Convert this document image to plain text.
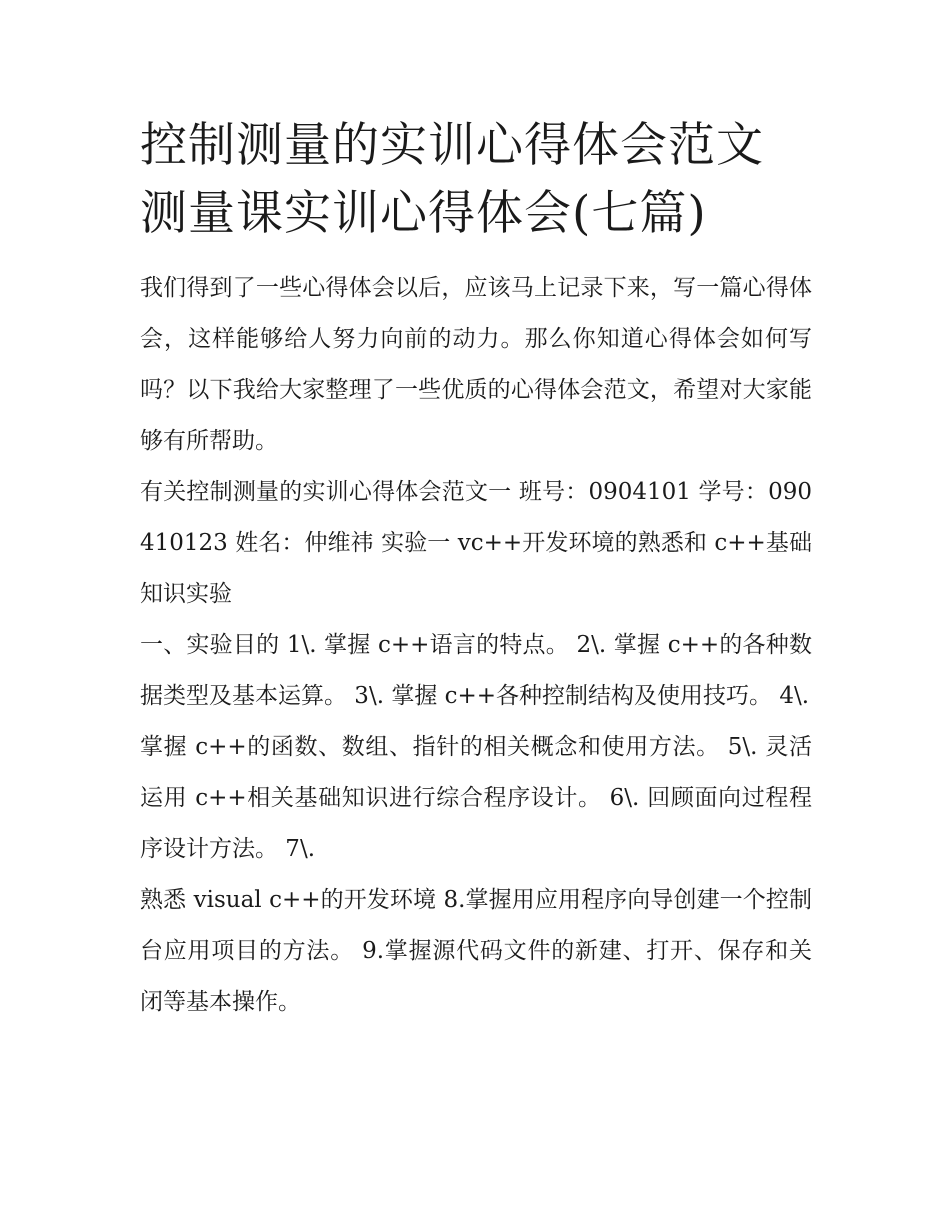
控制测量的实训心得体会范文
测量课实训心得体会(七篇)

我们得到了一些心得体会以后，应该马上记录下来，写一篇心得体会，这样能够给人努力向前的动力。那么你知道心得体会如何写吗？以下我给大家整理了一些优质的心得体会范文，希望对大家能够有所帮助。

有关控制测量的实训心得体会范文一 班号：0904101 学号：090410123 姓名：仲维祎 实验一 vc++开发环境的熟悉和 c++基础知识实验

一、实验目的 1\. 掌握 c++语言的特点。 2\. 掌握 c++的各种数据类型及基本运算。 3\. 掌握 c++各种控制结构及使用技巧。 4\.

掌握 c++的函数、数组、指针的相关概念和使用方法。 5\. 灵活运用 c++相关基础知识进行综合程序设计。 6\. 回顾面向过程程序设计方法。 7\.

熟悉 visual c++的开发环境 8.掌握用应用程序向导创建一个控制台应用项目的方法。 9.掌握源代码文件的新建、打开、保存和关闭等基本操作。
